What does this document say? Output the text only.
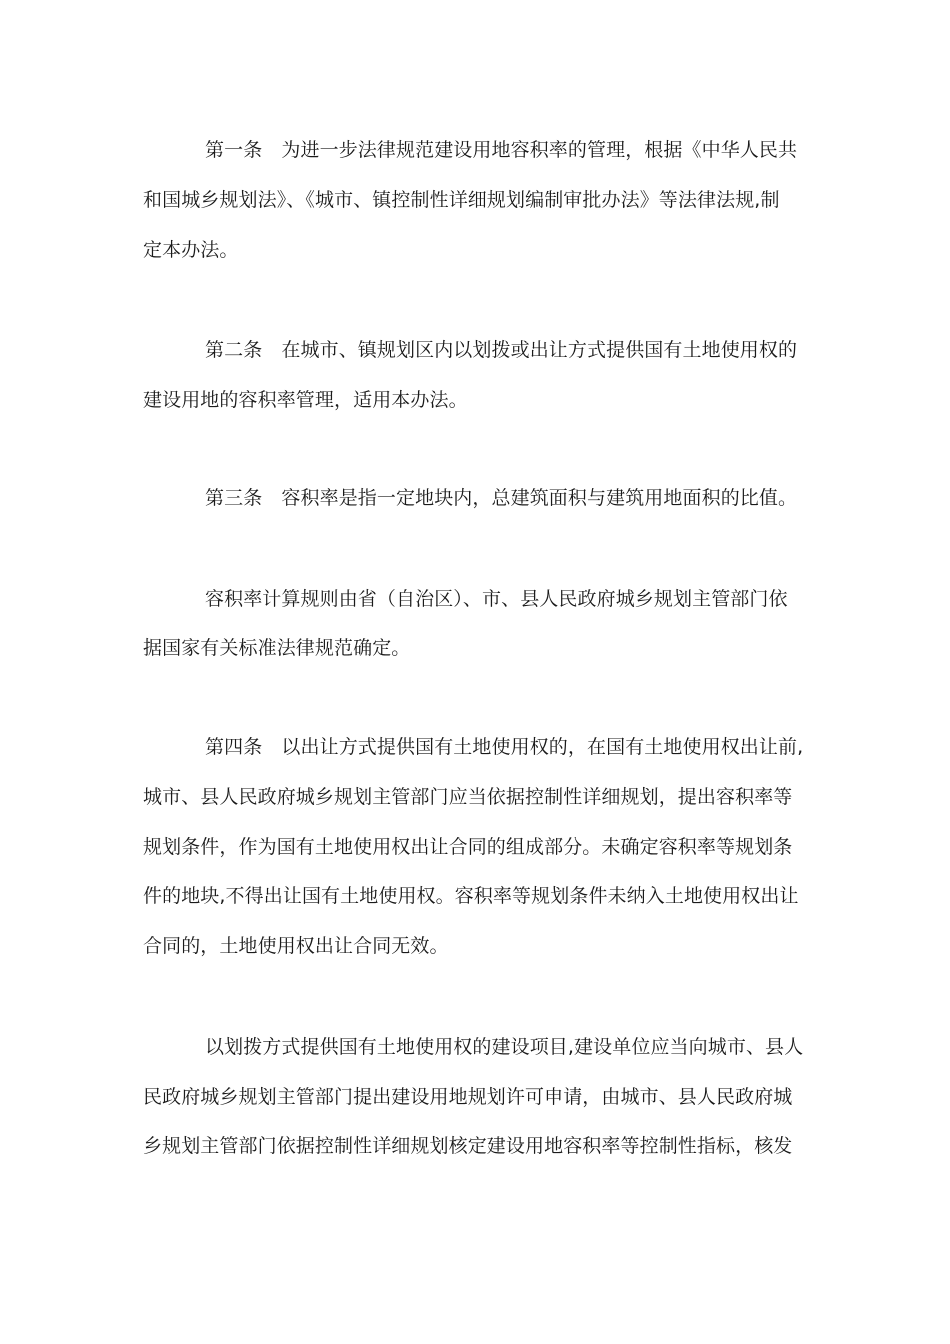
第一条　为进一步法律规范建设用地容积率的管理，根据《中华人民共
和国城乡规划法》、《城市、镇控制性详细规划编制审批办法》等法律法规,制
定本办法。
第二条　在城市、镇规划区内以划拨或出让方式提供国有土地使用权的
建设用地的容积率管理，适用本办法。
第三条　容积率是指一定地块内，总建筑面积与建筑用地面积的比值。
容积率计算规则由省（自治区）、市、县人民政府城乡规划主管部门依
据国家有关标准法律规范确定。
第四条　以出让方式提供国有土地使用权的，在国有土地使用权出让前,
城市、县人民政府城乡规划主管部门应当依据控制性详细规划，提出容积率等
规划条件，作为国有土地使用权出让合同的组成部分。未确定容积率等规划条
件的地块,不得出让国有土地使用权。容积率等规划条件未纳入土地使用权出让
合同的，土地使用权出让合同无效。
以划拨方式提供国有土地使用权的建设项目,建设单位应当向城市、县人
民政府城乡规划主管部门提出建设用地规划许可申请，由城市、县人民政府城
乡规划主管部门依据控制性详细规划核定建设用地容积率等控制性指标，核发
